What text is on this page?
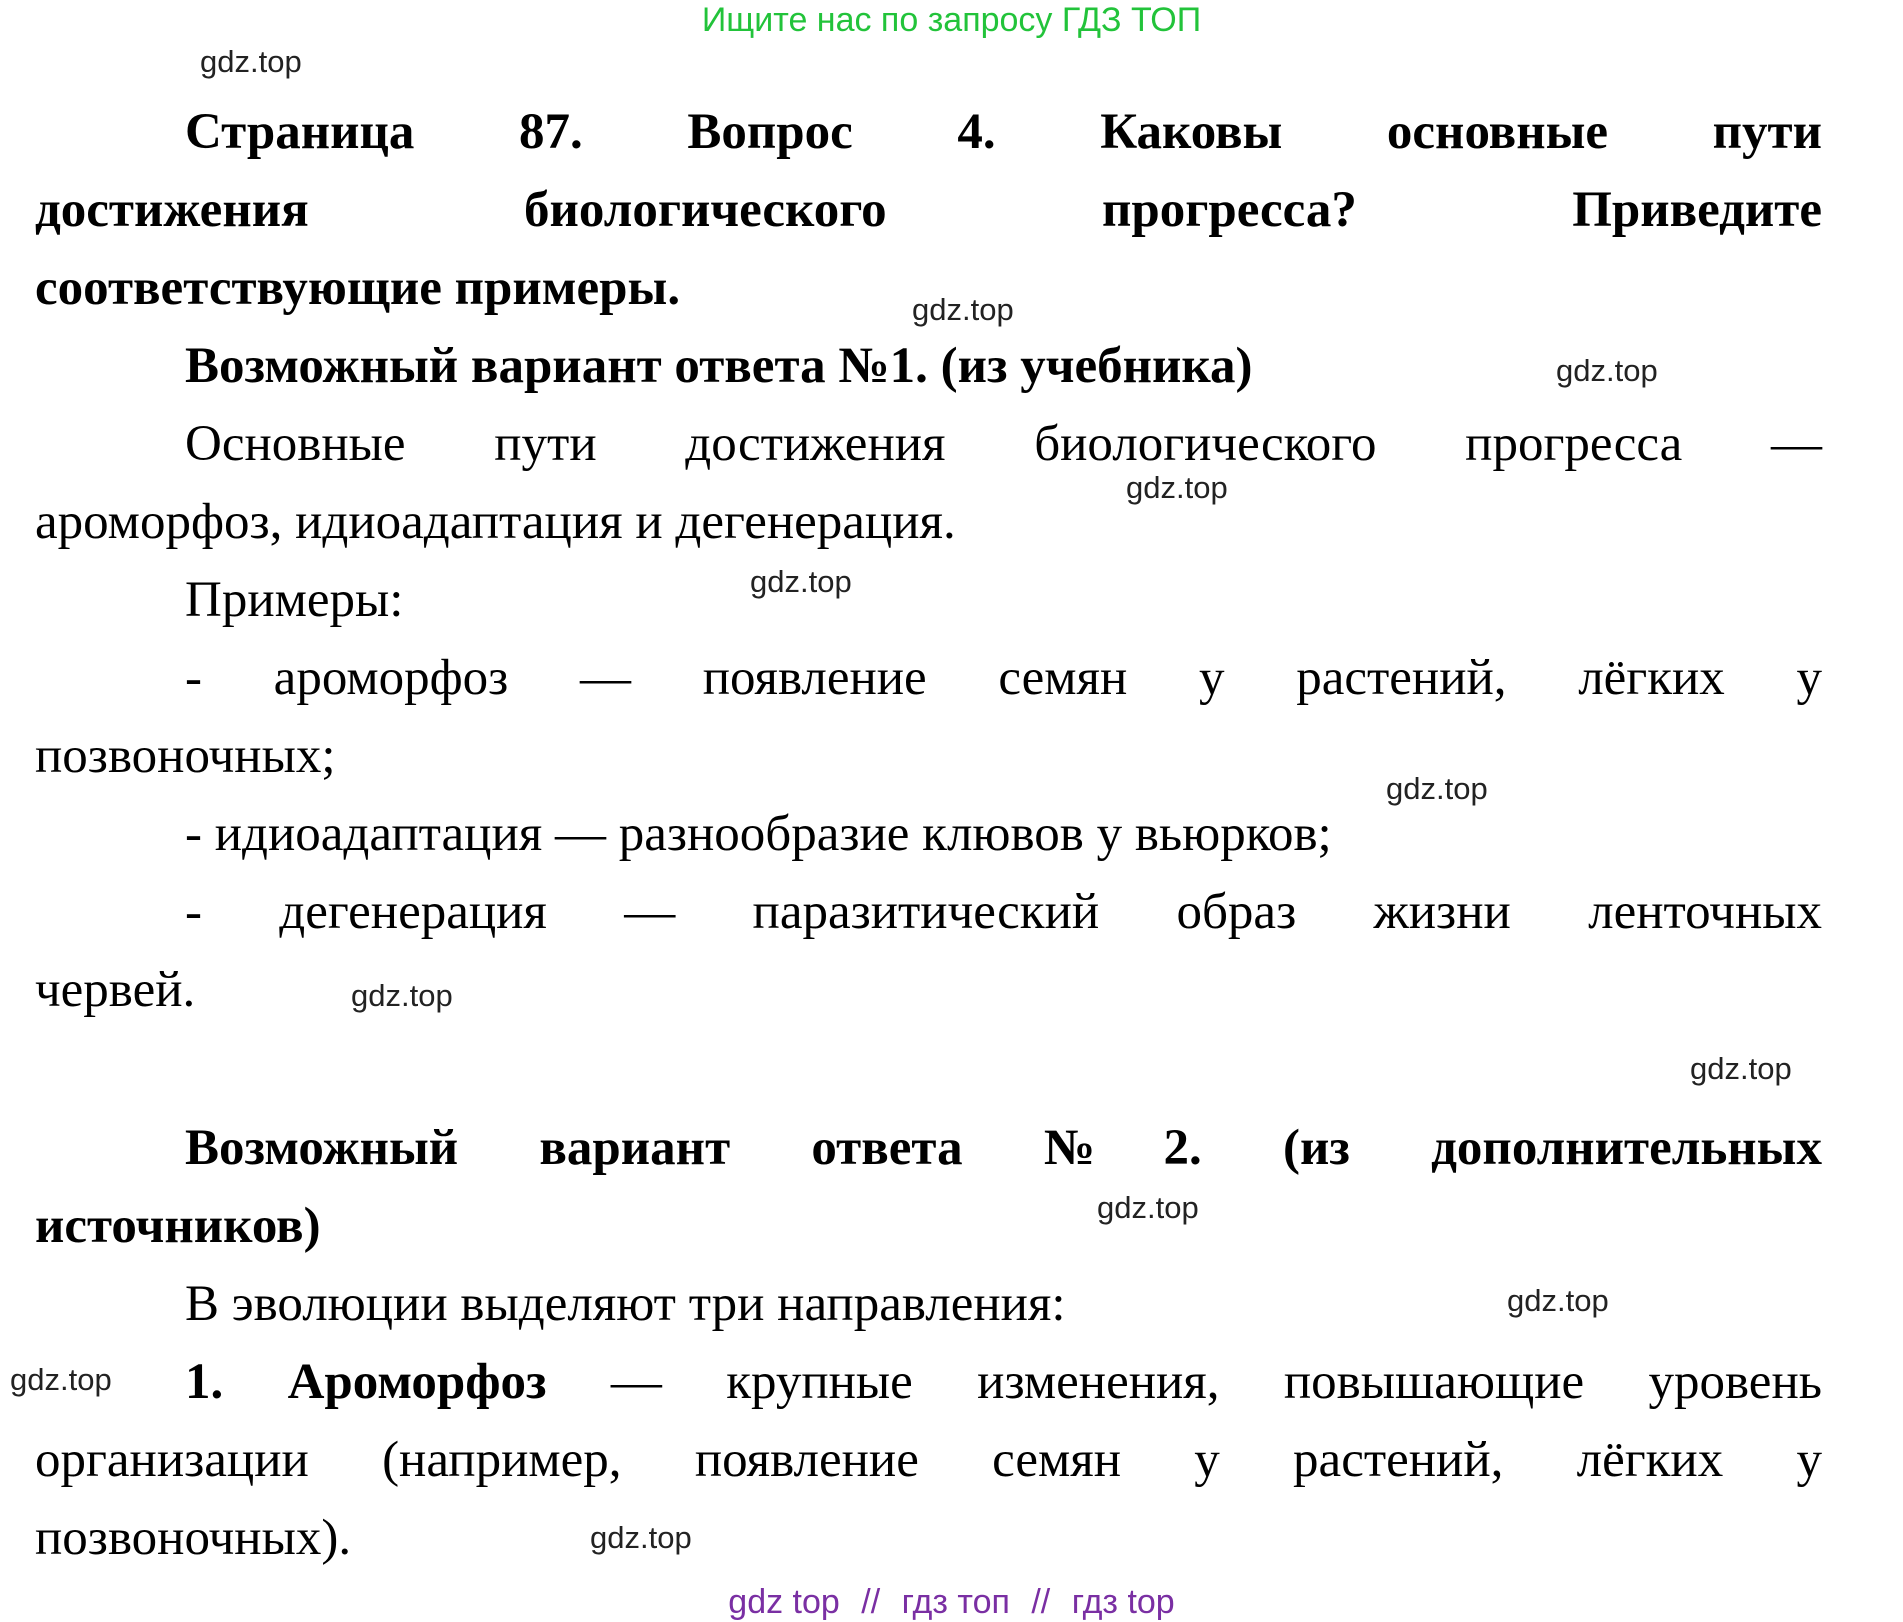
Ищите нас по запросу ГДЗ ТОП
gdz.top
gdz.top
gdz.top
gdz.top
gdz.top
gdz.top
gdz.top
gdz.top
gdz.top
gdz.top
gdz.top
gdz.top
Страница 87. Вопрос 4. Каковы основные пути
достижения биологического прогресса? Приведите
соответствующие примеры.
Возможный вариант ответа №1. (из учебника)
Основные пути достижения биологического прогресса —
ароморфоз, идиоадаптация и дегенерация.
Примеры:
- ароморфоз — появление семян у растений, лёгких у
позвоночных;
- идиоадаптация — разнообразие клювов у вьюрков;
- дегенерация — паразитический образ жизни ленточных
червей.
Возможный вариант ответа №2. (из дополнительных
источников)
В эволюции выделяют три направления:
1. Ароморфоз — крупные изменения, повышающие уровень
организации (например, появление семян у растений, лёгких у
позвоночных).
gdz top // гдз топ // гдз top
